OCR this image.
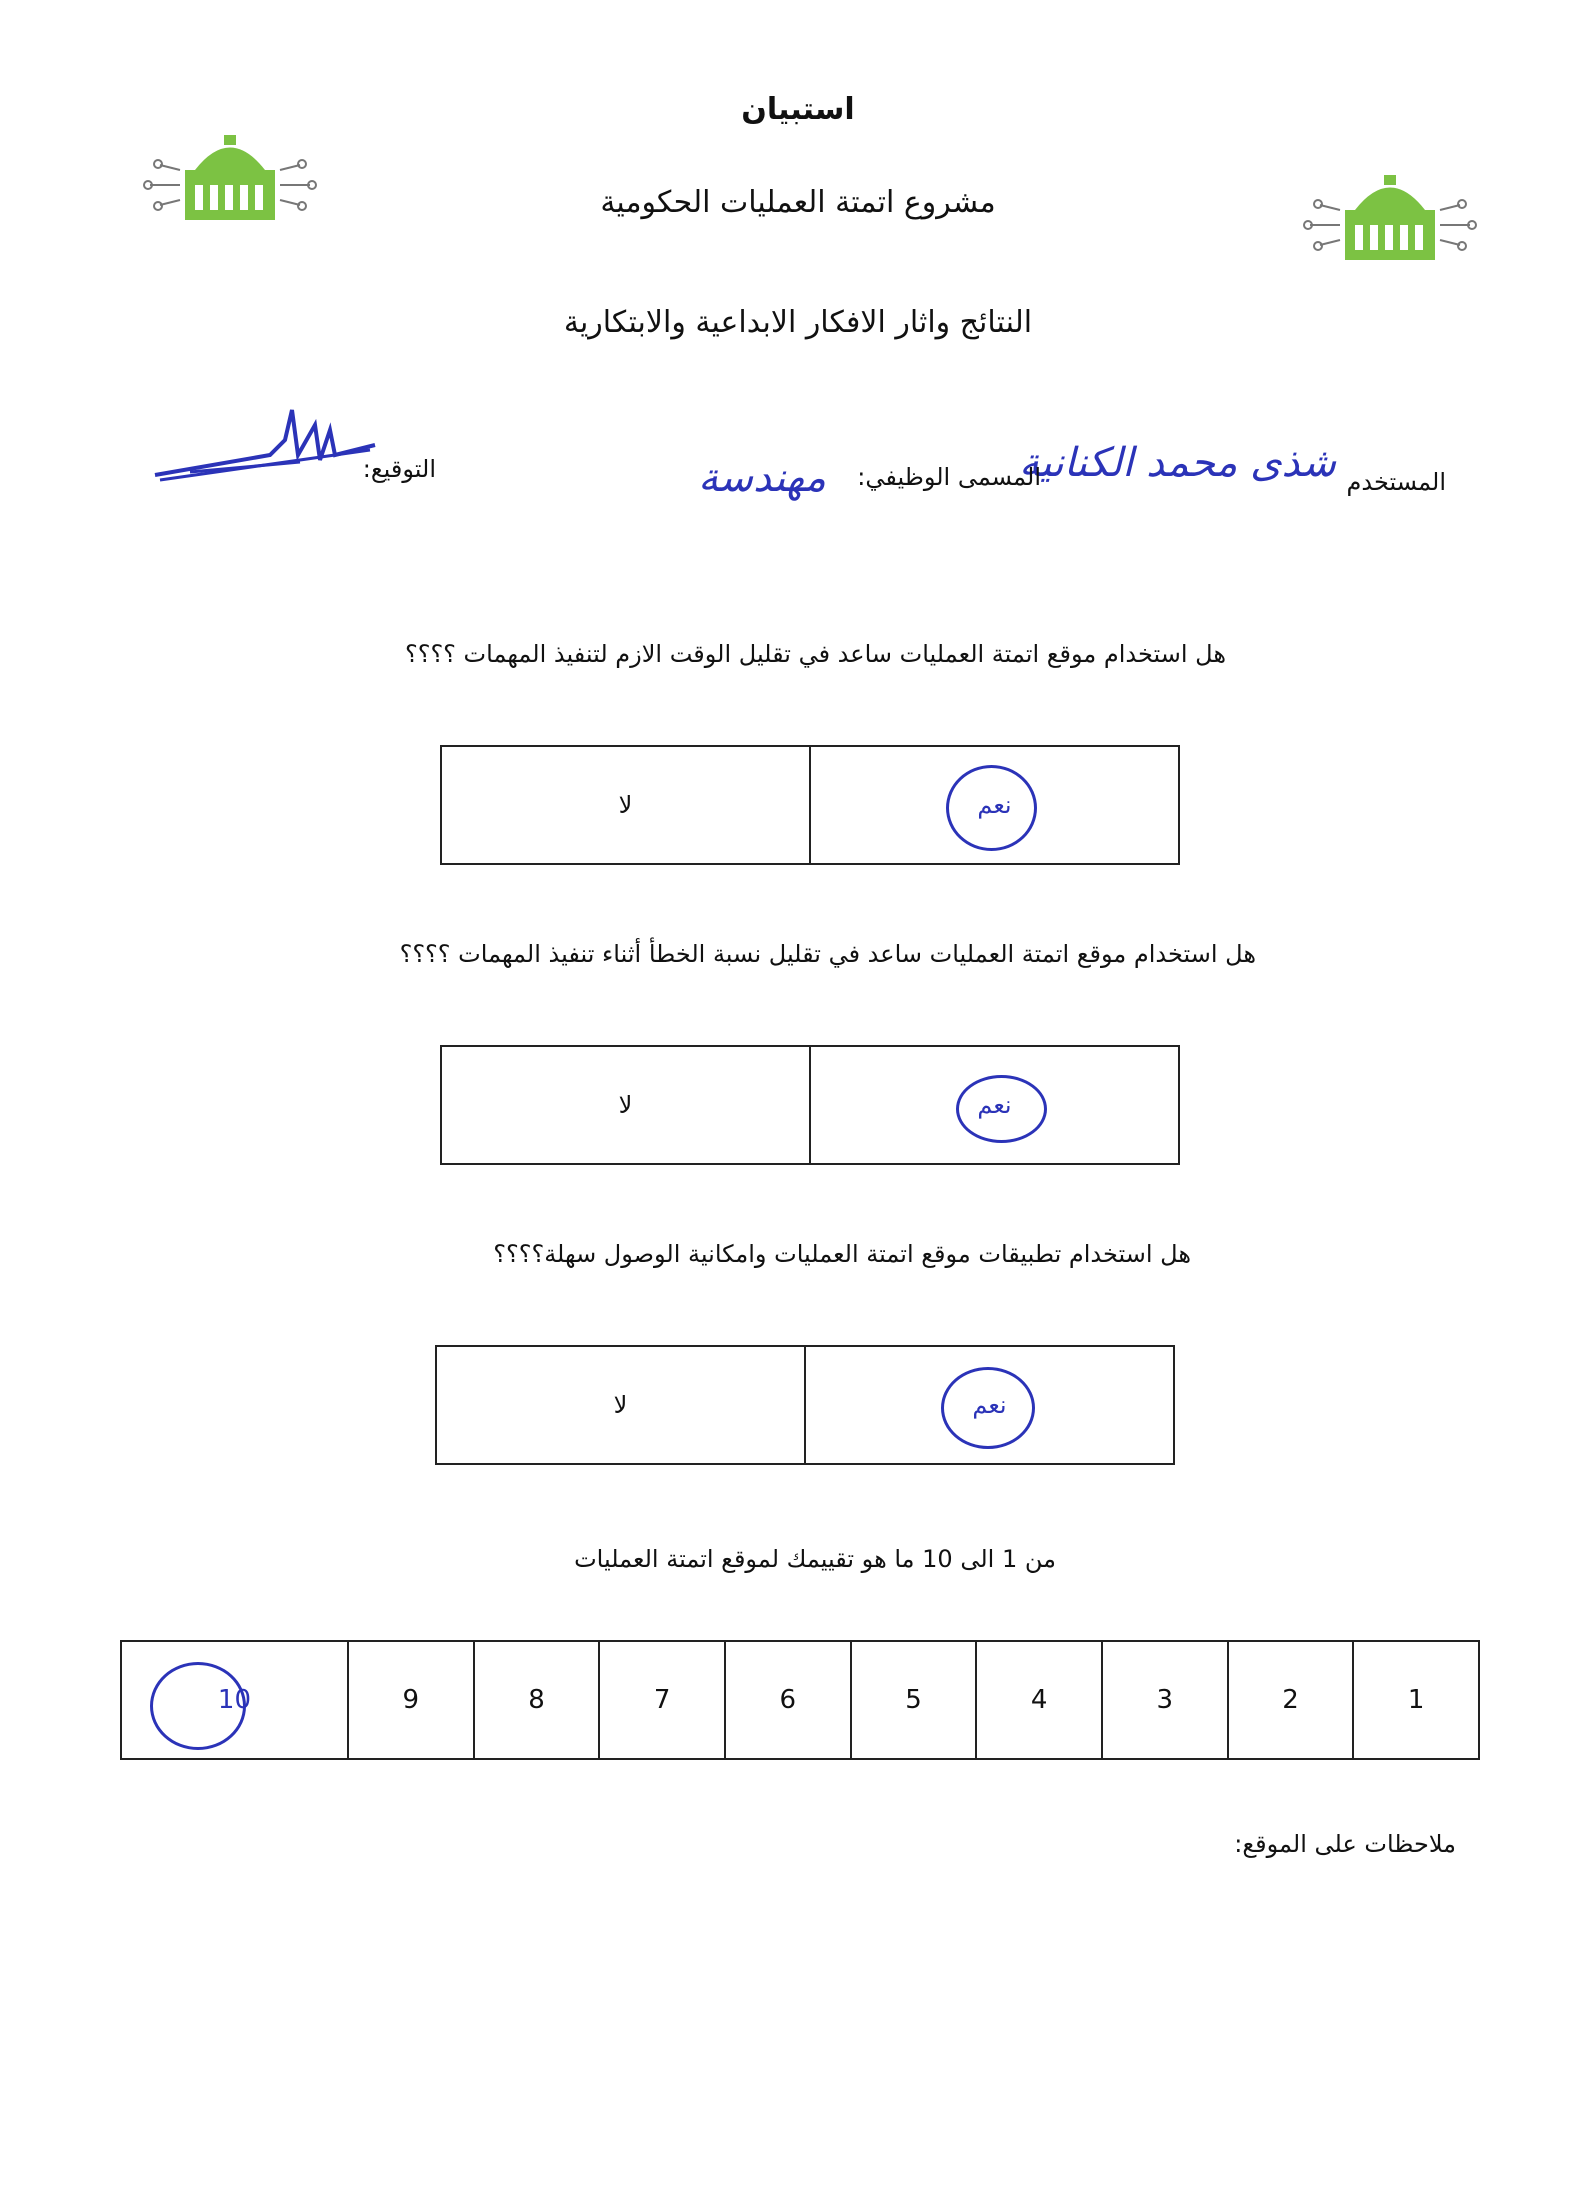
استبيان
مشروع اتمتة العمليات الحكومية
النتائج واثار الافكار الابداعية والابتكارية
المستخدم
شذى محمد الكنانية
المسمى الوظيفي:
مهندسة
التوقيع:
هل استخدام موقع اتمتة العمليات ساعد في تقليل الوقت الازم لتنفيذ المهمات ؟؟؟؟
نعم
	لا
هل استخدام موقع اتمتة العمليات ساعد في تقليل نسبة الخطأ أثناء تنفيذ المهمات ؟؟؟؟
نعم
	لا
هل استخدام تطبيقات موقع اتمتة العمليات وامكانية الوصول سهلة؟؟؟؟
نعم
	لا
من 1 الى 10 ما هو تقييمك لموقع اتمتة العمليات
1	2	3	4	5	6	7	8	9	10
ملاحظات على الموقع:
